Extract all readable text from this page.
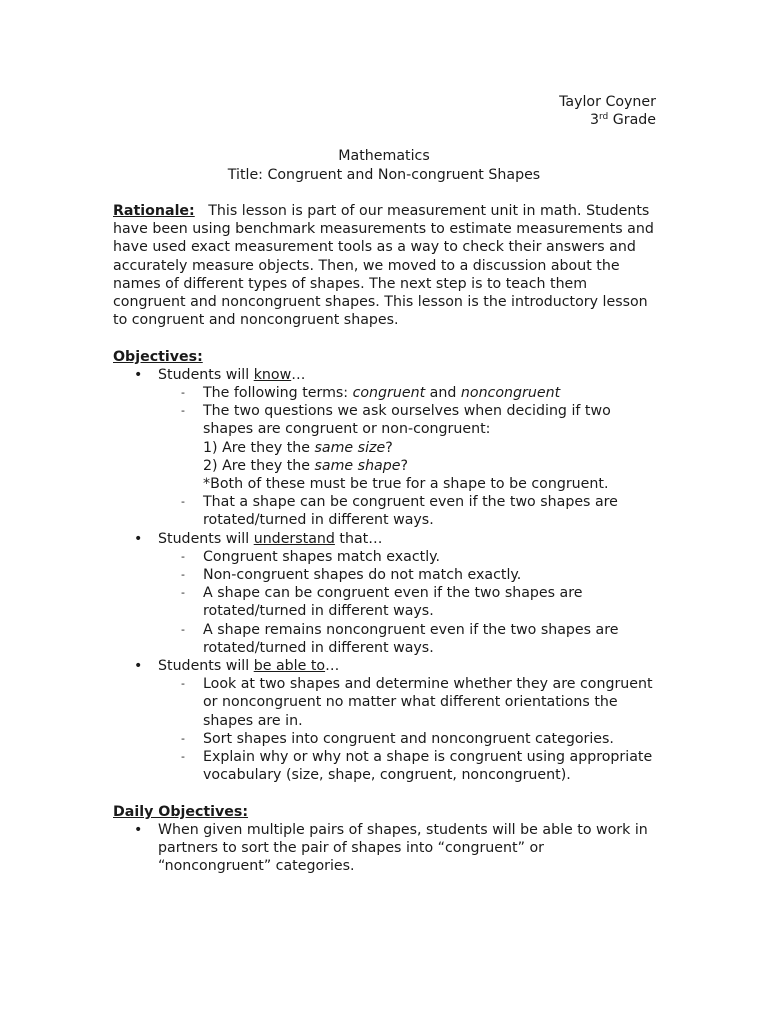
Taylor Coyner
3rd Grade
Mathematics
Title: Congruent and Non-congruent Shapes

Rationale: This lesson is part of our measurement unit in math. Students have been using benchmark measurements to estimate measurements and have used exact measurement tools as a way to check their answers and accurately measure objects. Then, we moved to a discussion about the names of different types of shapes. The next step is to teach them congruent and noncongruent shapes. This lesson is the introductory lesson to congruent and noncongruent shapes.

Objectives:
• Students will know…
- The following terms: congruent and noncongruent
- The two questions we ask ourselves when deciding if two shapes are congruent or non-congruent:
1) Are they the same size?
2) Are they the same shape?
*Both of these must be true for a shape to be congruent.
- That a shape can be congruent even if the two shapes are rotated/turned in different ways.
• Students will understand that…
- Congruent shapes match exactly.
- Non-congruent shapes do not match exactly.
- A shape can be congruent even if the two shapes are rotated/turned in different ways.
- A shape remains noncongruent even if the two shapes are rotated/turned in different ways.
• Students will be able to…
- Look at two shapes and determine whether they are congruent or noncongruent no matter what different orientations the shapes are in.
- Sort shapes into congruent and noncongruent categories.
- Explain why or why not a shape is congruent using appropriate vocabulary (size, shape, congruent, noncongruent).
Daily Objectives:
• When given multiple pairs of shapes, students will be able to work in partners to sort the pair of shapes into “congruent” or “noncongruent” categories.
